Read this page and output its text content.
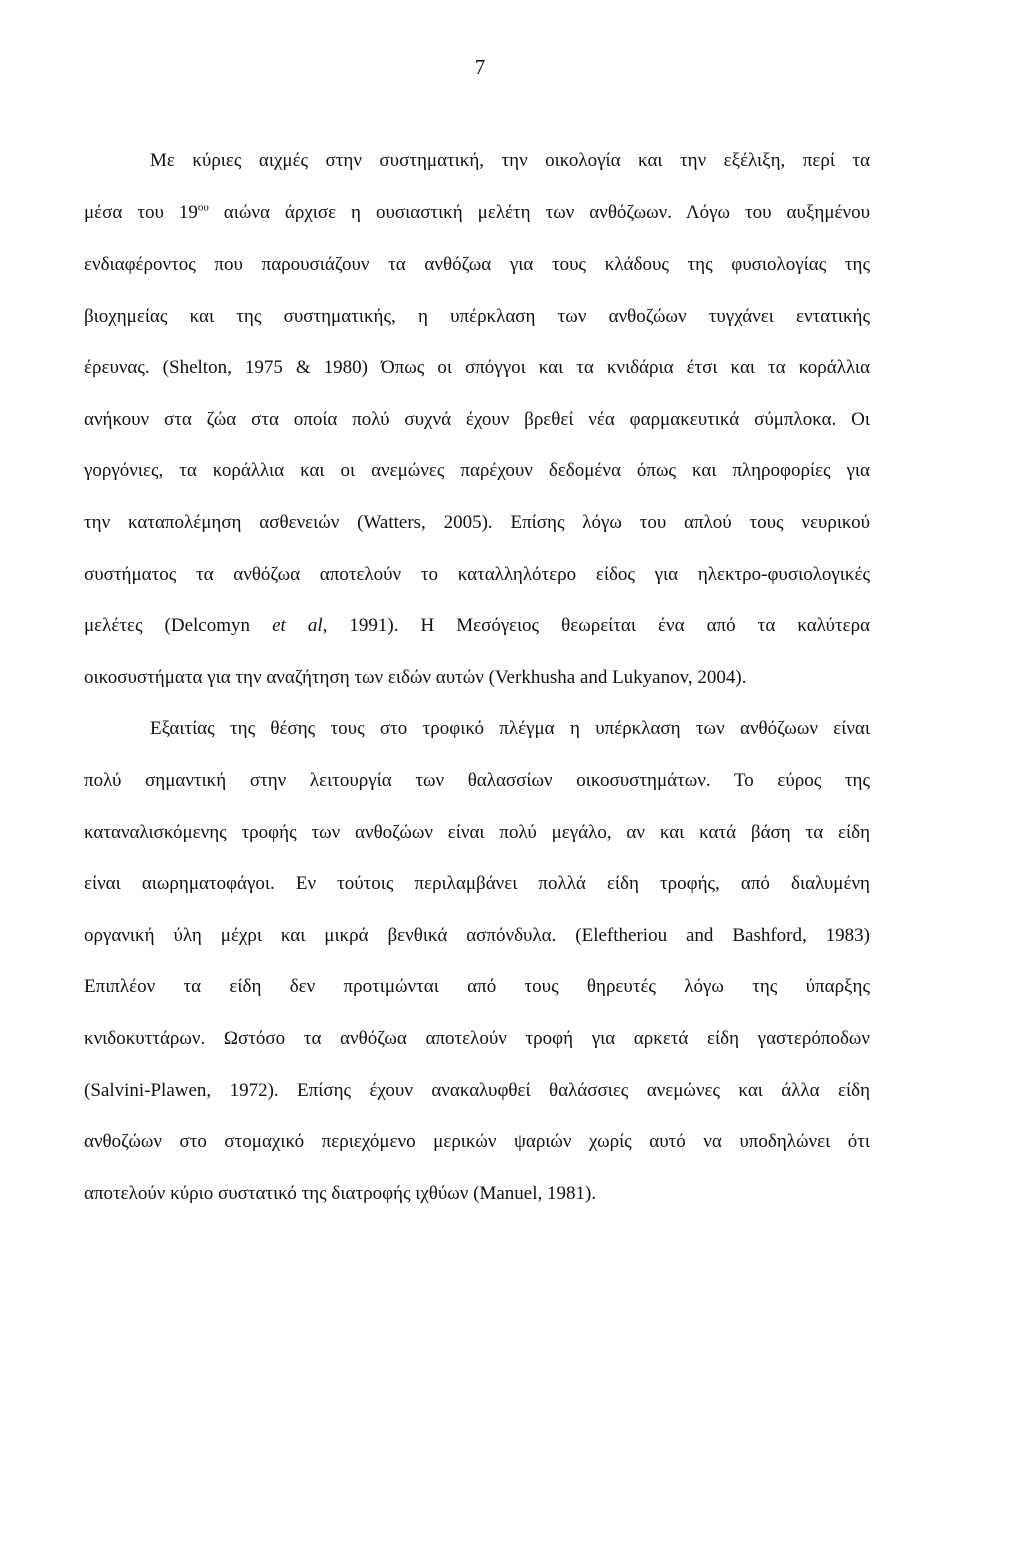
7
Με κύριες αιχμές στην συστηματική, την οικολογία και την εξέλιξη, περί τα
μέσα του $19^{o\upsilon}$ αιώνα άρχισε η ουσιαστική μελέτη των ανθόζωων. Λόγω του αυξημένου
ενδιαφέροντος που παρουσιάζουν τα ανθόζωα για τους κλάδους της φυσιολογίας της
βιοχημείας και της συστηματικής, η υπέρκλαση των ανθοζώων τυγχάνει εντατικής
έρευνας. (Shelton, 1975 & 1980) Όπως οι σπόγγοι και τα κνιδάρια έτσι και τα κοράλλια
ανήκουν στα ζώα στα οποία πολύ συχνά έχουν βρεθεί νέα φαρμακευτικά σύμπλοκα. Οι
γοργόνιες, τα κοράλλια και οι ανεμώνες παρέχουν δεδομένα όπως και πληροφορίες για
την καταπολέμηση ασθενειών (Watters, 2005). Επίσης λόγω του απλού τους νευρικού
συστήματος τα ανθόζωα αποτελούν το καταλληλότερο είδος για ηλεκτρο-φυσιολογικές
μελέτες (Delcomyn et al, 1991). Η Μεσόγειος θεωρείται ένα από τα καλύτερα
οικοσυστήματα για την αναζήτηση των ειδών αυτών (Verkhusha and Lukyanov, 2004).
Εξαιτίας της θέσης τους στο τροφικό πλέγμα η υπέρκλαση των ανθόζωων είναι
πολύ σημαντική στην λειτουργία των θαλασσίων οικοσυστημάτων. Το εύρος της
καταναλισκόμενης τροφής των ανθοζώων είναι πολύ μεγάλο, αν και κατά βάση τα είδη
είναι αιωρηματοφάγοι. Εν τούτοις περιλαμβάνει πολλά είδη τροφής, από διαλυμένη
οργανική ύλη μέχρι και μικρά βενθικά ασπόνδυλα. (Eleftheriou and Bashford, 1983)
Επιπλέον τα είδη δεν προτιμώνται από τους θηρευτές λόγω της ύπαρξης
κνιδοκυττάρων. Ωστόσο τα ανθόζωα αποτελούν τροφή για αρκετά είδη γαστερόποδων
(Salvini-Plawen, 1972). Επίσης έχουν ανακαλυφθεί θαλάσσιες ανεμώνες και άλλα είδη
ανθοζώων στο στομαχικό περιεχόμενο μερικών ψαριών χωρίς αυτό να υποδηλώνει ότι
αποτελούν κύριο συστατικό της διατροφής ιχθύων (Manuel, 1981).
